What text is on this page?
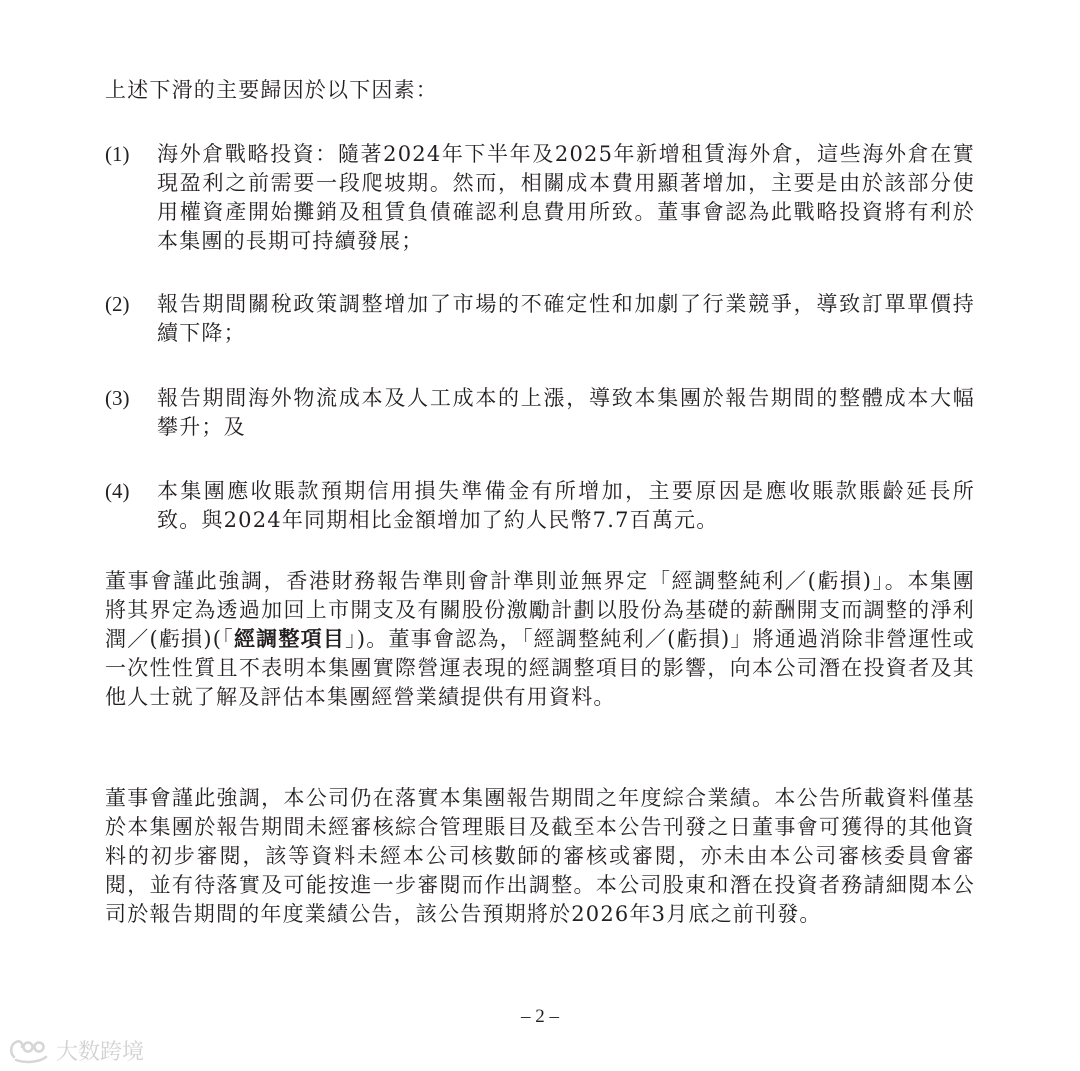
上述下滑的主要歸因於以下因素：
(1)	海外倉戰略投資：隨著2024年下半年及2025年新增租賃海外倉，這些海外倉在實現盈利之前需要一段爬坡期。然而，相關成本費用顯著增加，主要是由於該部分使用權資產開始攤銷及租賃負債確認利息費用所致。董事會認為此戰略投資將有利於本集團的長期可持續發展；
(2)	報告期間關稅政策調整增加了市場的不確定性和加劇了行業競爭，導致訂單單價持續下降；
(3)	報告期間海外物流成本及人工成本的上漲，導致本集團於報告期間的整體成本大幅攀升；及
(4)	本集團應收賬款預期信用損失準備金有所增加，主要原因是應收賬款賬齡延長所致。與2024年同期相比金額增加了約人民幣7.7百萬元。
董事會謹此強調，香港財務報告準則會計準則並無界定「經調整純利／(虧損)」。本集團將其界定為透過加回上市開支及有關股份激勵計劃以股份為基礎的薪酬開支而調整的淨利潤／(虧損)(「經調整項目」)。董事會認為，「經調整純利／(虧損)」將通過消除非營運性或一次性性質且不表明本集團實際營運表現的經調整項目的影響，向本公司潛在投資者及其他人士就了解及評估本集團經營業績提供有用資料。
董事會謹此強調，本公司仍在落實本集團報告期間之年度綜合業績。本公告所載資料僅基於本集團於報告期間未經審核綜合管理賬目及截至本公告刊發之日董事會可獲得的其他資料的初步審閱，該等資料未經本公司核數師的審核或審閱，亦未由本公司審核委員會審閱，並有待落實及可能按進一步審閱而作出調整。本公司股東和潛在投資者務請細閱本公司於報告期間的年度業績公告，該公告預期將於2026年3月底之前刊發。
– 2 –
大数跨境
